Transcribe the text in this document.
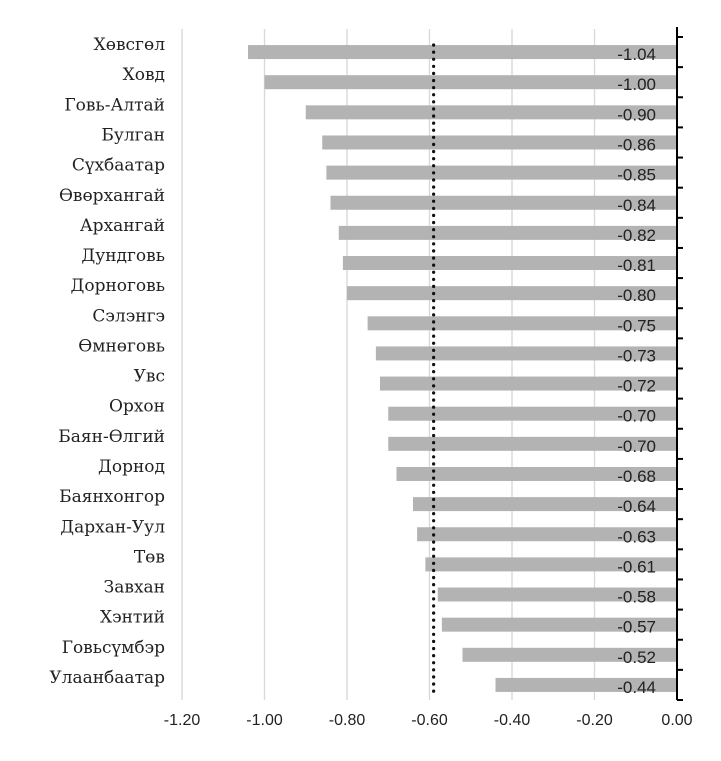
Хөвсгөл
Ховд
Говь-Алтай
Булган
Сүхбаатар
Өвөрхангай
Архангай
Дундговь
Дорноговь
Сэлэнгэ
Өмнөговь
Увс
Орхон
Баян-Өлгий
Дорнод
Баянхонгор
Дархан-Уул
Төв
Завхан
Хэнтий
Говьсүмбэр
Улаанбаатар
-1.04
-1.00
-0.90
-0.86
-0.85
-0.84
-0.82
-0.81
-0.80
-0.75
-0.73
-0.72
-0.70
-0.70
-0.68
-0.64
-0.63
-0.61
-0.58
-0.57
-0.52
-0.44
-1.20	-1.00	-0.80	-0.60	-0.40	-0.20	0.00
